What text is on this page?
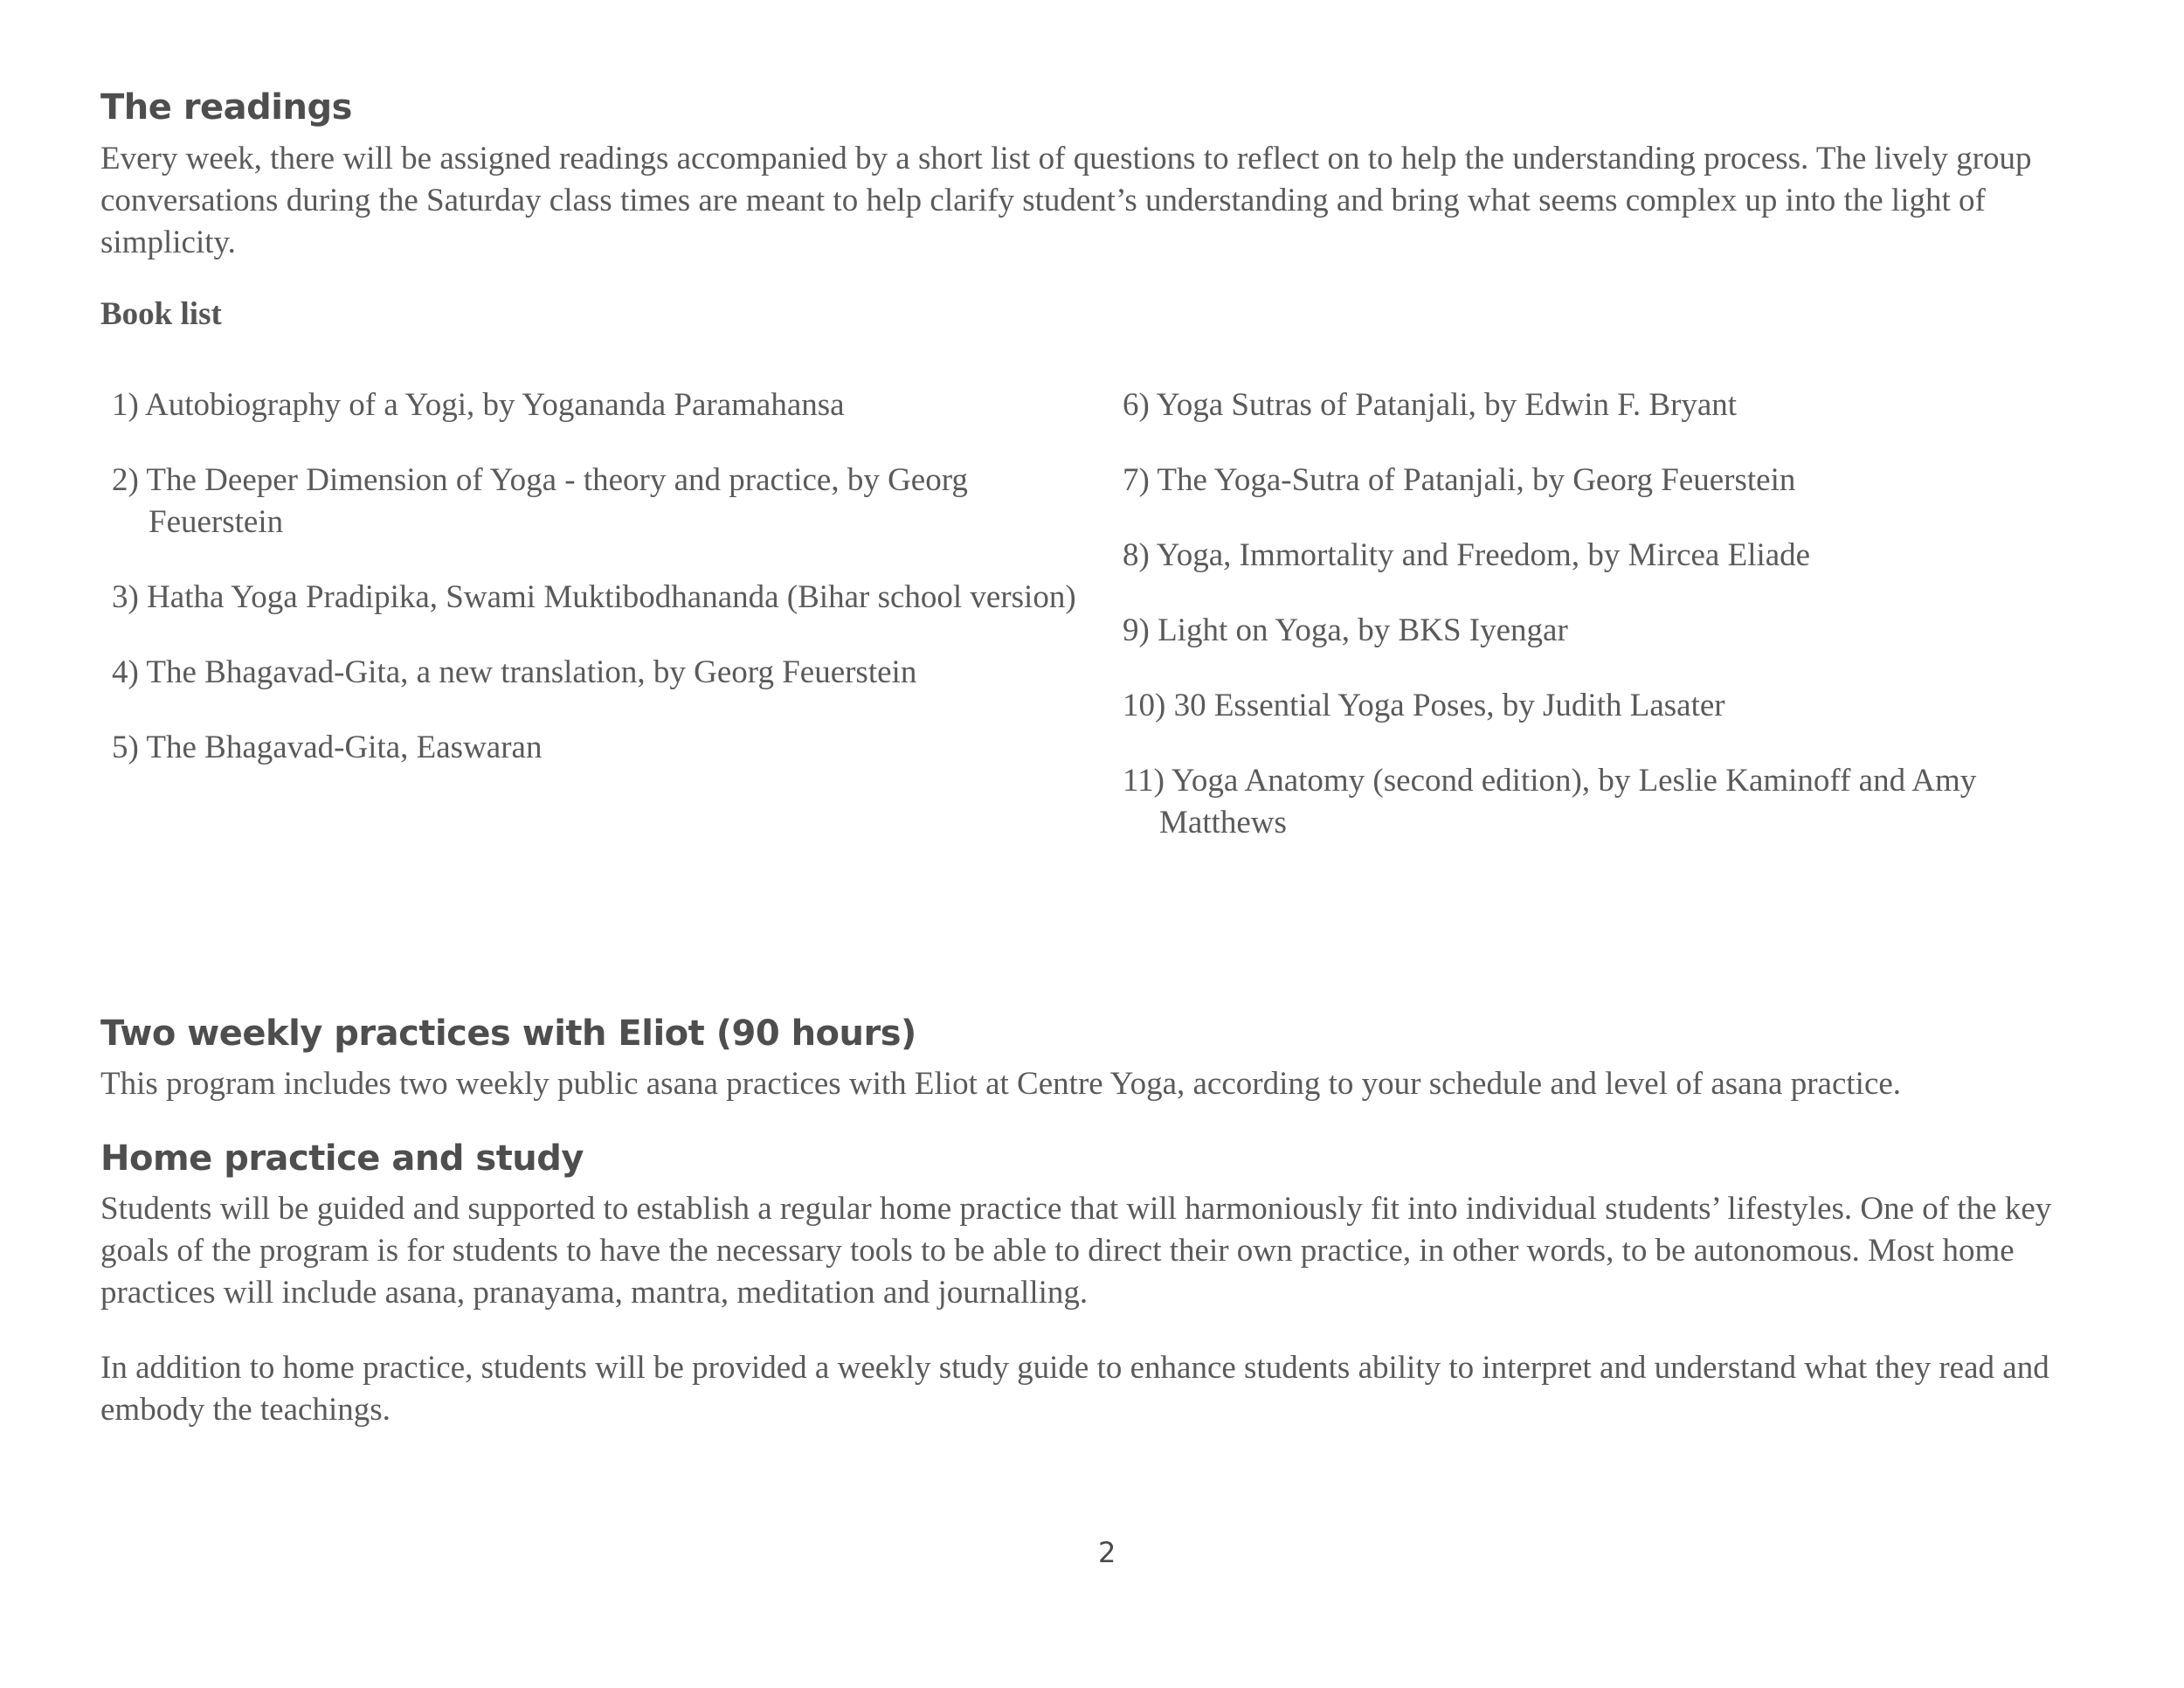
The readings

Every week, there will be assigned readings accompanied by a short list of questions to reflect on to help the understanding process. The lively group conversations during the Saturday class times are meant to help clarify student’s understanding and bring what seems complex up into the light of simplicity.

Book list
1) Autobiography of a Yogi, by Yogananda Paramahansa
2) The Deeper Dimension of Yoga - theory and practice, by Georg Feuerstein
3) Hatha Yoga Pradipika, Swami Muktibodhananda (Bihar school version)
4) The Bhagavad-Gita, a new translation, by Georg Feuerstein
5) The Bhagavad-Gita, Easwaran
6) Yoga Sutras of Patanjali, by Edwin F. Bryant
7) The Yoga-Sutra of Patanjali, by Georg Feuerstein
8) Yoga, Immortality and Freedom, by Mircea Eliade
9) Light on Yoga, by BKS Iyengar
10) 30 Essential Yoga Poses, by Judith Lasater
11) Yoga Anatomy (second edition), by Leslie Kaminoff and Amy Matthews
Two weekly practices with Eliot (90 hours)

This program includes two weekly public asana practices with Eliot at Centre Yoga, according to your schedule and level of asana practice.

Home practice and study

Students will be guided and supported to establish a regular home practice that will harmoniously fit into individual students’ lifestyles. One of the key goals of the program is for students to have the necessary tools to be able to direct their own practice, in other words, to be autonomous. Most home practices will include asana, pranayama, mantra, meditation and journalling.

In addition to home practice, students will be provided a weekly study guide to enhance students ability to interpret and understand what they read and embody the teachings.

2
